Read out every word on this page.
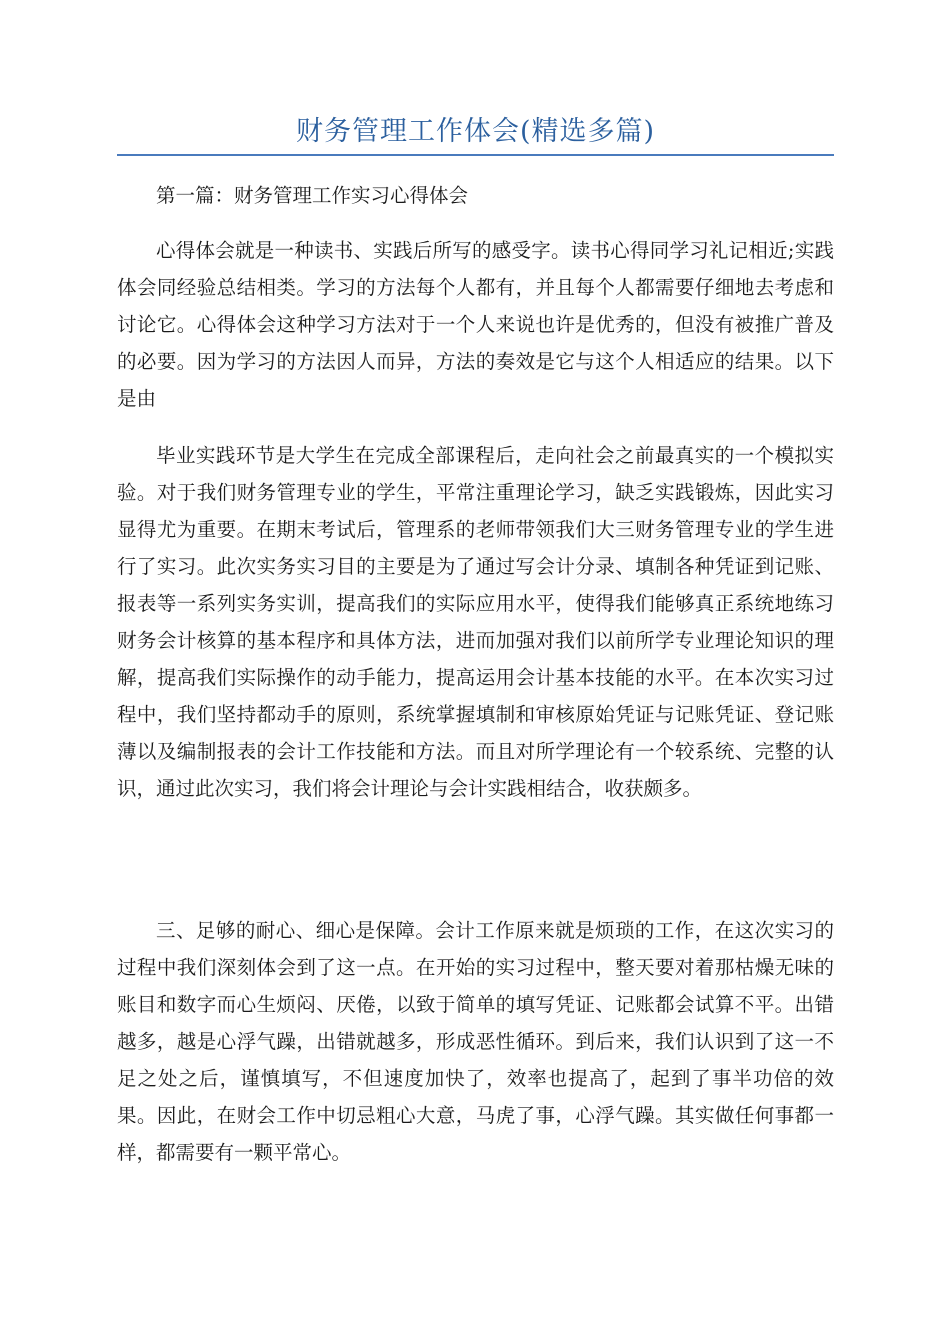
财务管理工作体会(精选多篇)

第一篇：财务管理工作实习心得体会

心得体会就是一种读书、实践后所写的感受字。读书心得同学习礼记相近;实践体会同经验总结相类。学习的方法每个人都有，并且每个人都需要仔细地去考虑和讨论它。心得体会这种学习方法对于一个人来说也许是优秀的，但没有被推广普及的必要。因为学习的方法因人而异，方法的奏效是它与这个人相适应的结果。以下是由

毕业实践环节是大学生在完成全部课程后，走向社会之前最真实的一个模拟实验。对于我们财务管理专业的学生，平常注重理论学习，缺乏实践锻炼，因此实习显得尤为重要。在期末考试后，管理系的老师带领我们大三财务管理专业的学生进行了实习。此次实务实习目的主要是为了通过写会计分录、填制各种凭证到记账、报表等一系列实务实训，提高我们的实际应用水平，使得我们能够真正系统地练习财务会计核算的基本程序和具体方法，进而加强对我们以前所学专业理论知识的理解，提高我们实际操作的动手能力，提高运用会计基本技能的水平。在本次实习过程中，我们坚持都动手的原则，系统掌握填制和审核原始凭证与记账凭证、登记账薄以及编制报表的会计工作技能和方法。而且对所学理论有一个较系统、完整的认识，通过此次实习，我们将会计理论与会计实践相结合，收获颇多。

三、足够的耐心、细心是保障。会计工作原来就是烦琐的工作，在这次实习的过程中我们深刻体会到了这一点。在开始的实习过程中，整天要对着那枯燥无味的账目和数字而心生烦闷、厌倦，以致于简单的填写凭证、记账都会试算不平。出错越多，越是心浮气躁，出错就越多，形成恶性循环。到后来，我们认识到了这一不足之处之后，谨慎填写，不但速度加快了，效率也提高了，起到了事半功倍的效果。因此，在财会工作中切忌粗心大意，马虎了事，心浮气躁。其实做任何事都一样，都需要有一颗平常心。
